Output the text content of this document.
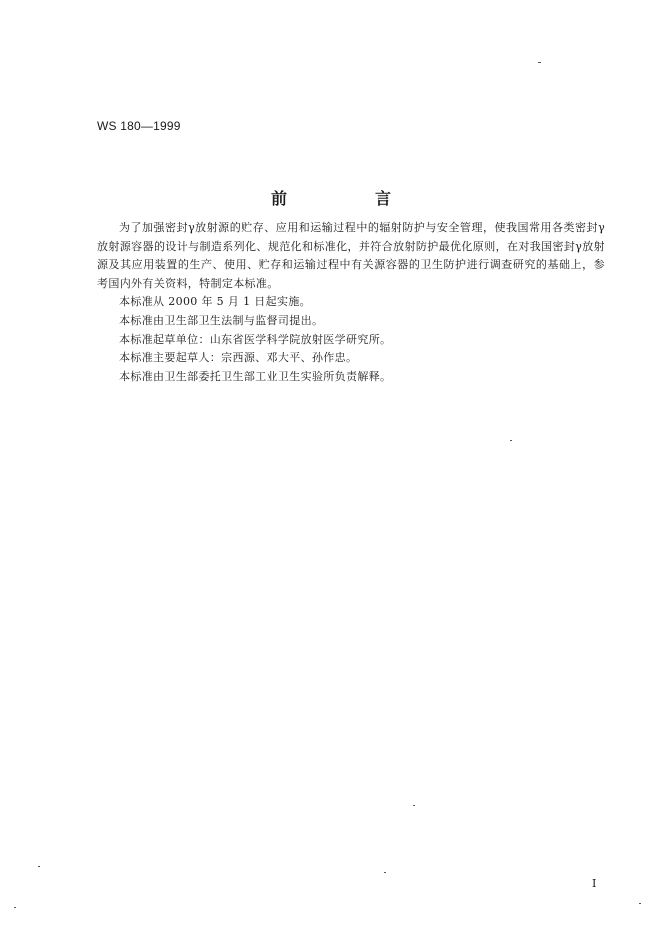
WS 180—1999
前　言

为了加强密封γ放射源的贮存、应用和运输过程中的辐射防护与安全管理，使我国常用各类密封γ放射源容器的设计与制造系列化、规范化和标准化，并符合放射防护最优化原则，在对我国密封γ放射源及其应用装置的生产、使用、贮存和运输过程中有关源容器的卫生防护进行调查研究的基础上，参考国内外有关资料，特制定本标准。

本标准从 2000 年 5 月 1 日起实施。

本标准由卫生部卫生法制与监督司提出。

本标准起草单位：山东省医学科学院放射医学研究所。

本标准主要起草人：宗西源、邓大平、孙作忠。

本标准由卫生部委托卫生部工业卫生实验所负责解释。

I
